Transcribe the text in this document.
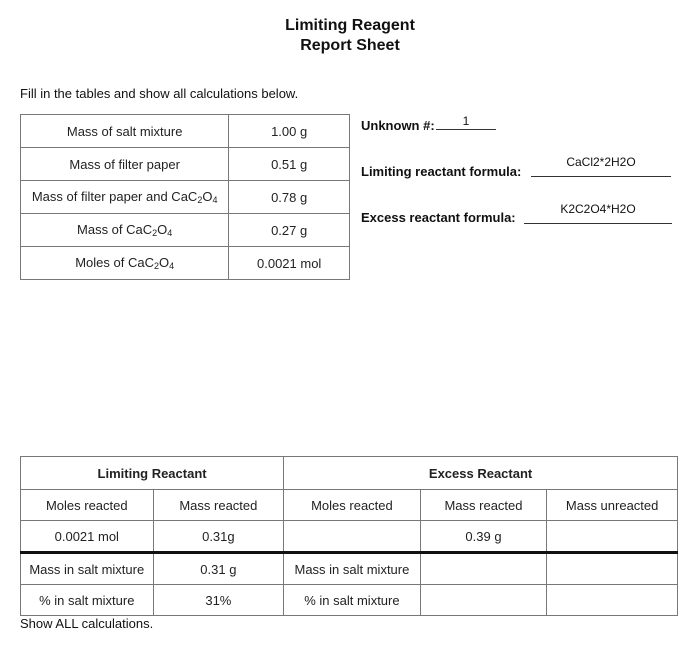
Limiting Reagent
Report Sheet
Fill in the tables and show all calculations below.
Mass of salt mixture	1.00 g
Mass of filter paper	0.51 g
Mass of filter paper and $CaC_2O_4$	0.78 g
Mass of $CaC_2O_4$	0.27 g
Moles of $CaC_2O_4$	0.0021 mol
Unknown #:	1
Limiting reactant formula:
CaCl2*2H2O
Excess reactant formula:
K2C2O4*H2O
Limiting Reactant		Excess Reactant		
Moles reacted	Mass reacted	Moles reacted	Mass reacted	Mass unreacted
0.0021 mol	0.31g		0.39 g	
Mass in salt mixture	0.31 g	Mass in salt mixture		
% in salt mixture	31%	% in salt mixture		
Show ALL calculations.
